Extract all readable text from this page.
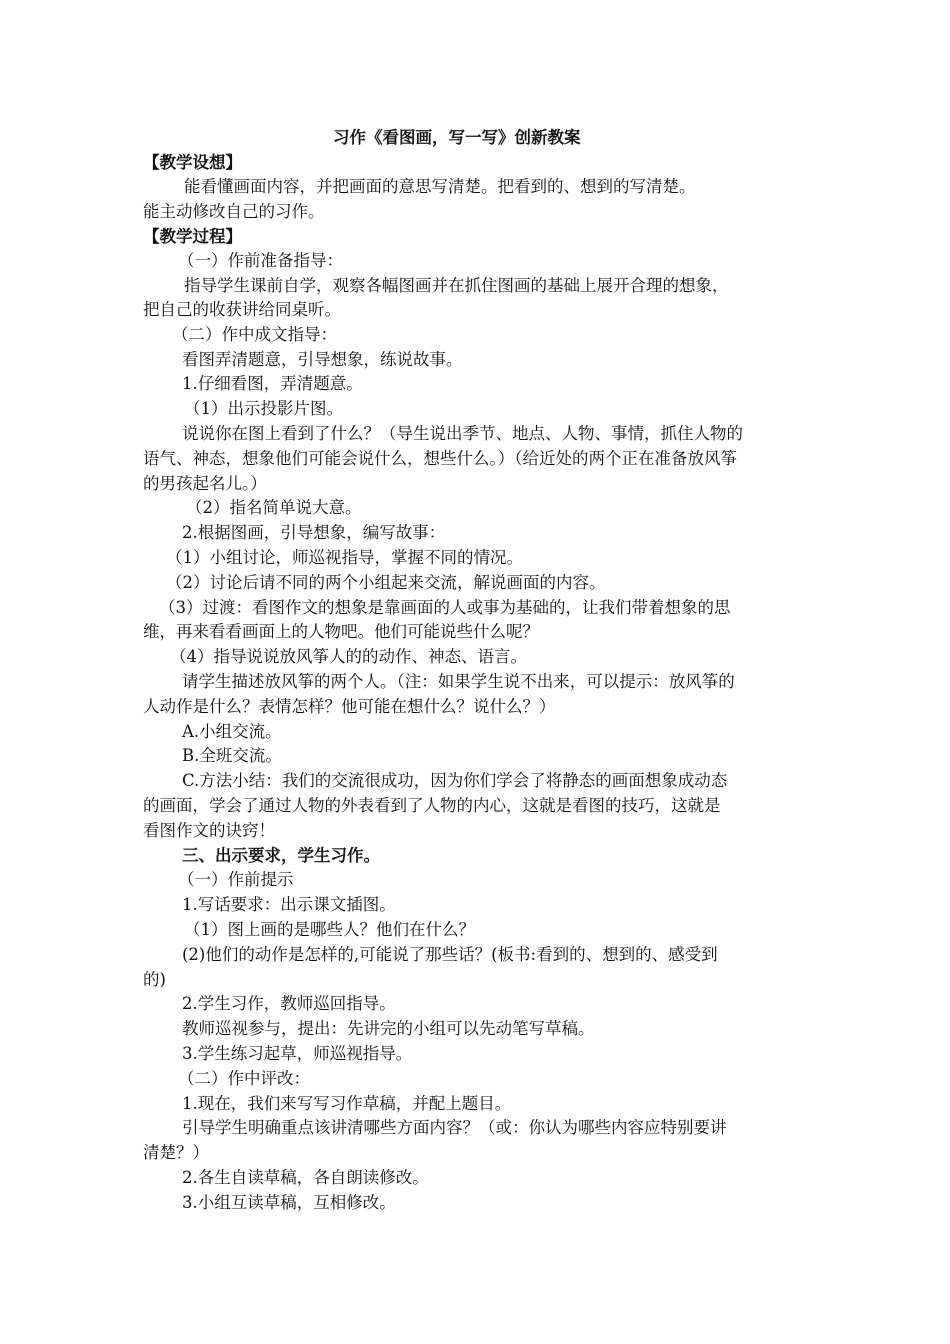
习作《看图画，写一写》创新教案
【教学设想】
能看懂画面内容，并把画面的意思写清楚。把看到的、想到的写清楚。
能主动修改自己的习作。
【教学过程】
（一）作前准备指导：
指导学生课前自学，观察各幅图画并在抓住图画的基础上展开合理的想象，
把自己的收获讲给同桌听。
（二）作中成文指导：
看图弄清题意，引导想象，练说故事。
1.仔细看图，弄清题意。
（1）出示投影片图。
说说你在图上看到了什么？（导生说出季节、地点、人物、事情，抓住人物的
语气、神态，想象他们可能会说什么，想些什么。）（给近处的两个正在准备放风筝
的男孩起名儿。）
（2）指名简单说大意。
2.根据图画，引导想象，编写故事：
（1）小组讨论，师巡视指导，掌握不同的情况。
（2）讨论后请不同的两个小组起来交流，解说画面的内容。
（3）过渡：看图作文的想象是靠画面的人或事为基础的，让我们带着想象的思
维，再来看看画面上的人物吧。他们可能说些什么呢？
（4）指导说说放风筝人的的动作、神态、语言。
请学生描述放风筝的两个人。（注：如果学生说不出来，可以提示：放风筝的
人动作是什么？表情怎样？他可能在想什么？说什么？）
A.小组交流。
B.全班交流。
C.方法小结：我们的交流很成功，因为你们学会了将静态的画面想象成动态
的画面，学会了通过人物的外表看到了人物的内心，这就是看图的技巧，这就是
看图作文的诀窍！
三、出示要求，学生习作。
（一）作前提示
1.写话要求：出示课文插图。
（1）图上画的是哪些人？他们在什么？
(2)他们的动作是怎样的,可能说了那些话？(板书:看到的、想到的、感受到
的)
2.学生习作，教师巡回指导。
教师巡视参与，提出：先讲完的小组可以先动笔写草稿。
3.学生练习起草，师巡视指导。
（二）作中评改：
1.现在，我们来写写习作草稿，并配上题目。
引导学生明确重点该讲清哪些方面内容？（或：你认为哪些内容应特别要讲
清楚？）
2.各生自读草稿，各自朗读修改。
3.小组互读草稿，互相修改。
